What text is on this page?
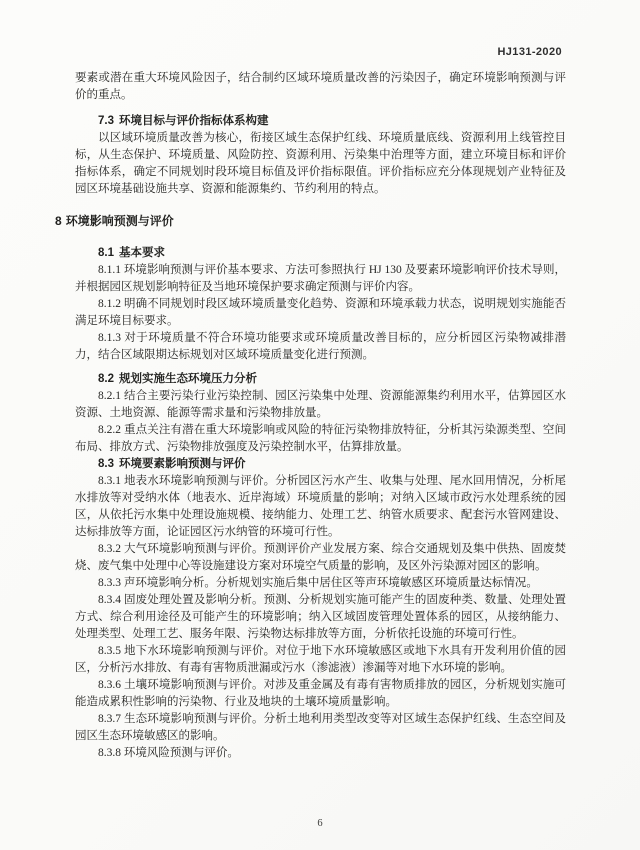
HJ131-2020

要素或潜在重大环境风险因子，结合制约区域环境质量改善的污染因子，确定环境影响预测与评价的重点。

7.3 环境目标与评价指标体系构建

以区域环境质量改善为核心，衔接区域生态保护红线、环境质量底线、资源利用上线管控目标，从生态保护、环境质量、风险防控、资源利用、污染集中治理等方面，建立环境目标和评价指标体系，确定不同规划时段环境目标值及评价指标限值。评价指标应充分体现规划产业特征及园区环境基础设施共享、资源和能源集约、节约利用的特点。

8 环境影响预测与评价
8.1 基本要求

8.1.1 环境影响预测与评价基本要求、方法可参照执行 HJ 130 及要素环境影响评价技术导则，并根据园区规划影响特征及当地环境保护要求确定预测与评价内容。

8.1.2 明确不同规划时段区域环境质量变化趋势、资源和环境承载力状态，说明规划实施能否满足环境目标要求。

8.1.3 对于环境质量不符合环境功能要求或环境质量改善目标的，应分析园区污染物减排潜力，结合区域限期达标规划对区域环境质量变化进行预测。

8.2 规划实施生态环境压力分析

8.2.1 结合主要污染行业污染控制、园区污染集中处理、资源能源集约利用水平，估算园区水资源、土地资源、能源等需求量和污染物排放量。

8.2.2 重点关注有潜在重大环境影响或风险的特征污染物排放特征，分析其污染源类型、空间布局、排放方式、污染物排放强度及污染控制水平，估算排放量。

8.3 环境要素影响预测与评价

8.3.1 地表水环境影响预测与评价。分析园区污水产生、收集与处理、尾水回用情况，分析尾水排放等对受纳水体（地表水、近岸海域）环境质量的影响；对纳入区域市政污水处理系统的园区，从依托污水集中处理设施规模、接纳能力、处理工艺、纳管水质要求、配套污水管网建设、达标排放等方面，论证园区污水纳管的环境可行性。

8.3.2 大气环境影响预测与评价。预测评价产业发展方案、综合交通规划及集中供热、固废焚烧、废气集中处理中心等设施建设方案对环境空气质量的影响，及区外污染源对园区的影响。

8.3.3 声环境影响分析。分析规划实施后集中居住区等声环境敏感区环境质量达标情况。

8.3.4 固废处理处置及影响分析。预测、分析规划实施可能产生的固废种类、数量、处理处置方式、综合利用途径及可能产生的环境影响；纳入区域固废管理处置体系的园区，从接纳能力、处理类型、处理工艺、服务年限、污染物达标排放等方面，分析依托设施的环境可行性。

8.3.5 地下水环境影响预测与评价。对位于地下水环境敏感区或地下水具有开发利用价值的园区，分析污水排放、有毒有害物质泄漏或污水（渗滤液）渗漏等对地下水环境的影响。

8.3.6 土壤环境影响预测与评价。对涉及重金属及有毒有害物质排放的园区，分析规划实施可能造成累积性影响的污染物、行业及地块的土壤环境质量影响。

8.3.7 生态环境影响预测与评价。分析土地利用类型改变等对区域生态保护红线、生态空间及园区生态环境敏感区的影响。

8.3.8 环境风险预测与评价。

6
